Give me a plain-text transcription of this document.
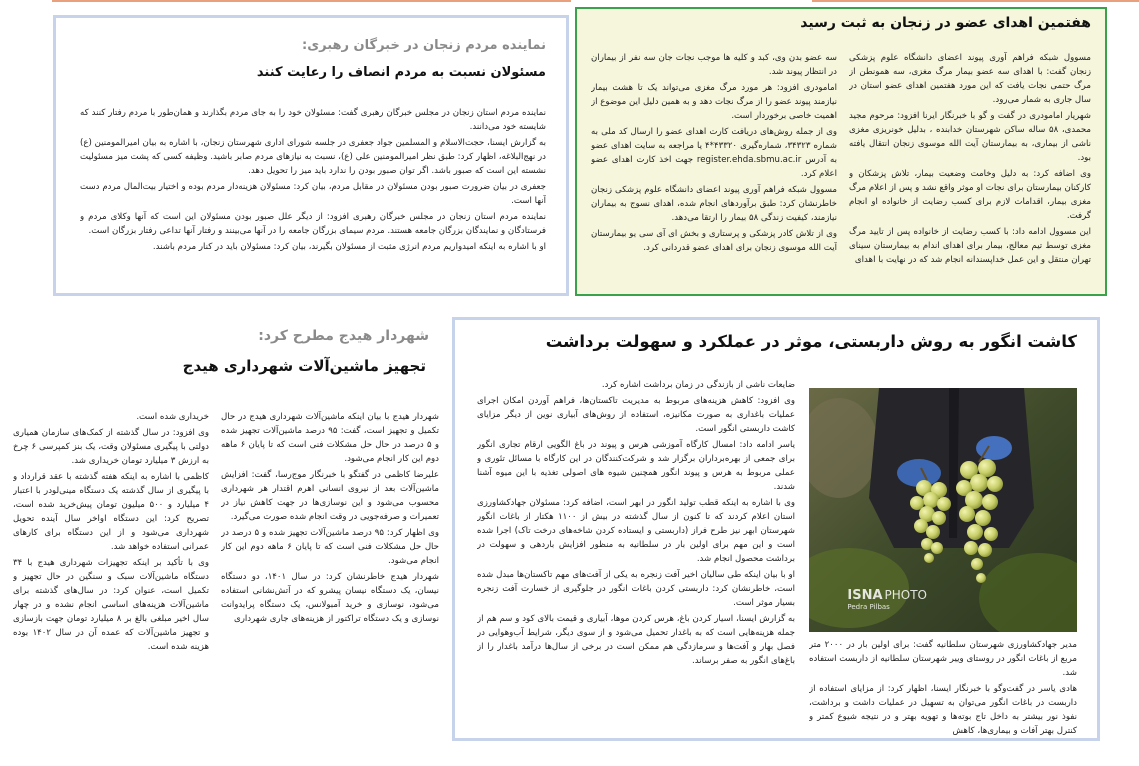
هفتمین اهدای عضو در زنجان به ثبت رسید

مسوول شبکه فراهم آوری پیوند اعضای دانشگاه علوم پزشکی زنجان گفت: با اهدای سه عضو بیمار مرگ مغزی، سه همونطن از مرگ حتمی نجات یافت که این مورد هفتمین اهدای عضو استان در سال جاری به شمار می‌رود.

شهریار امامودری در گفت و گو با خبرنگار ایرنا افزود: مرحوم مجید محمدی، ۵۸ ساله ساکن شهرستان خدابنده ، بدلیل خونریزی مغزی ناشی از بیماری، به بیمارستان آیت الله موسوی زنجان انتقال یافته بود.

وی اضافه کرد: به دلیل وخامت وضعیت بیمار، تلاش پزشکان و کارکنان بیمارستان برای نجات او موثر واقع نشد و پس از اعلام مرگ مغزی بیمار، اقدامات لازم برای کسب رضایت از خانواده او انجام گرفت.

این مسوول ادامه داد: با کسب رضایت از خانواده پس از تایید مرگ مغزی توسط تیم معالج، بیمار برای اهدای اندام به بیمارستان سینای تهران منتقل و این عمل خداپسندانه انجام شد که در نهایت با اهدای

سه عضو بدن وی، کبد و کلیه ها موجب نجات جان سه نفر از بیماران در انتظار پیوند شد.

امامودری افزود: هر مورد مرگ مغزی می‌تواند یک تا هشت بیمار نیازمند پیوند عضو را از مرگ نجات دهد و به همین دلیل این موضوع از اهمیت خاصی برخوردار است.

وی از جمله روش‌های دریافت کارت اهدای عضو را ارسال کد ملی به شماره ۳۴۳۲۳، شماره‌گیری ۴۳۳۲۰*۴ یا مراجعه به سایت اهدای عضو به آدرس register.ehda.sbmu.ac.ir جهت اخذ کارت اهدای عضو اعلام کرد.

مسوول شبکه فراهم آوری پیوند اعضای دانشگاه علوم پزشکی زنجان خاطرنشان کرد: طبق برآوردهای انجام شده، اهدای نسوج به بیماران نیازمند، کیفیت زندگی ۵۸ بیمار را ارتقا می‌دهد.

وی از تلاش کادر پزشکی و پرستاری و بخش ای آی سی یو بیمارستان آیت الله موسوی زنجان برای اهدای عضو قدردانی کرد.

نماینده مردم زنجان در خبرگان رهبری:
مسئولان نسبت به مردم انصاف را رعایت کنند

نماینده مردم استان زنجان در مجلس خبرگان رهبری گفت: مسئولان خود را به جای مردم بگذارند و همان‌طور با مردم رفتار کنند که شایسته خود می‌دانند.

به گزارش ایسنا، حجت‌الاسلام و المسلمین جواد جعفری در جلسه شورای اداری شهرستان زنجان، با اشاره به بیان امیرالمومنین (ع) در نهج‌البلاغه، اظهار کرد: طبق نظر امیرالمومنین علی (ع)، نسبت به نیازهای مردم صابر باشید. وظیفه کسی که پشت میز مسئولیت نشسته این است که صبور باشد. اگر توان صبور بودن را ندارد باید میز را تحویل دهد.

جعفری در بیان ضرورت صبور بودن مسئولان در مقابل مردم، بیان کرد: مسئولان هزینه‌دار مردم بوده و اختیار بیت‌المال مردم دست آنها است.

نماینده مردم استان زنجان در مجلس خبرگان رهبری افزود: از دیگر علل صبور بودن مسئولان این است که آنها وکلای مردم و فرستادگان و نمایندگان بزرگان جامعه هستند. مردم سیمای بزرگان جامعه را در آنها می‌بینند و رفتار آنها تداعی رفتار بزرگان است.

او با اشاره به اینکه امیدواریم مردم انرژی مثبت از مسئولان بگیرند، بیان کرد: مسئولان باید در کنار مردم باشند.

شهردار هیدج مطرح کرد:
تجهیز ماشین‌آلات شهرداری هیدج

شهردار هیدج با بیان اینکه ماشین‌آلات شهرداری هیدج در حال تکمیل و تجهیز است، گفت: ۹۵ درصد ماشین‌آلات تجهیز شده و ۵ درصد در حال حل مشکلات فنی است که تا پایان ۶ ماهه دوم این کار انجام می‌شود.

علیرضا کاظمی در گفتگو با خبرنگار موج‌رسا، گفت: افزایش ماشین‌آلات بعد از نیروی انسانی اهرم اقتدار هر شهرداری محسوب می‌شود و این نوسازی‌ها در جهت کاهش نیاز در تعمیرات و صرفه‌جویی در وقت انجام شده صورت می‌گیرد.

وی اظهار کرد: ۹۵ درصد ماشین‌آلات تجهیز شده و ۵ درصد در حال حل مشکلات فنی است که تا پایان ۶ ماهه دوم این کار انجام می‌شود.

شهردار هیدج خاطرنشان کرد: در سال ۱۴۰۱، دو دستگاه نیسان، یک دستگاه نیسان پیشرو که در آتش‌نشانی استفاده می‌شود، نوسازی و خرید آمبولانس، یک دستگاه پرایدوانت نوسازی و یک دستگاه تراکتور از هزینه‌های جاری شهرداری

خریداری شده است.

وی افزود: در سال گذشته از کمک‌های سازمان همیاری دولتی با پیگیری مسئولان وقت، یک بنز کمپرسی ۶ چرخ به ارزش ۳ میلیارد تومان خریداری شد.

کاظمی با اشاره به اینکه هفته گذشته با عقد قرارداد و با پیگیری از سال گذشته یک دستگاه مینی‌لودر با اعتبار ۴ میلیارد و ۵۰۰ میلیون تومان پیش‌خرید شده است، تصریح کرد: این دستگاه اواخر سال آینده تحویل شهرداری می‌شود و از این دستگاه برای کارهای عمرانی استفاده خواهد شد.

وی با تأکید بر اینکه تجهیزات شهرداری هیدج با ۳۴ دستگاه ماشین‌آلات سبک و سنگین در حال تجهیز و تکمیل است، عنوان کرد: در سال‌های گذشته برای ماشین‌آلات هزینه‌های اساسی انجام نشده و در چهار سال اخیر مبلغی بالغ بر ۸ میلیارد تومان جهت بازسازی و تجهیز ماشین‌آلات که عمده آن در سال ۱۴۰۲ بوده هزینه شده است.

کاشت انگور به روش داربستی، موثر در عملکرد و سهولت برداشت
ISNA PHOTO
Pedra Pilbas

مدیر جهادکشاورزی شهرستان سلطانیه گفت: برای اولین بار در ۲۰۰۰ متر مربع از باغات انگور در روستای وییر شهرستان سلطانیه از داربست استفاده شد.

هادی یاسر در گفت‌وگو با خبرنگار ایسنا، اظهار کرد: از مزایای استفاده از داربست در باغات انگور می‌توان به تسهیل در عملیات داشت و برداشت، نفوذ نور بیشتر به داخل تاج بوته‌ها و تهویه بهتر و در نتیجه شیوع کمتر و کنترل بهتر آفات و بیماری‌ها، کاهش

ضایعات ناشی از بازندگی در زمان برداشت اشاره کرد.

وی افزود: کاهش هزینه‌های مربوط به مدیریت تاکستان‌ها، فراهم آوردن امکان اجرای عملیات باغداری به صورت مکانیزه، استفاده از روش‌های آبیاری نوین از دیگر مزایای کاشت داربستی انگور است.

یاسر ادامه داد: امسال کارگاه آموزشی هرس و پیوند در باغ الگویی ارقام تجاری انگور برای جمعی از بهره‌برداران برگزار شد و شرکت‌کنندگان در این کارگاه با مسائل تئوری و عملی مربوط به هرس و پیوند انگور همچنین شیوه های اصولی تغذیه با این میوه آشنا شدند.

وی با اشاره به اینکه قطب تولید انگور در ابهر است، اضافه کرد: مسئولان جهادکشاورزی استان اعلام کردند که تا کنون از سال گذشته در بیش از ۱۱۰۰ هکتار از باغات انگور شهرستان ابهر نیز طرح فراز (داربستی و ایستاده کردن شاخه‌های درخت تاک) اجرا شده است و این مهم برای اولین بار در سلطانیه به منظور افزایش باردهی و سهولت در برداشت محصول انجام شد.

او با بیان اینکه طی سالیان اخیر آفت زنجره به یکی از آفت‌های مهم تاکستان‌ها مبدل شده است، خاطرنشان کرد: داربستی کردن باغات انگور در جلوگیری از خسارت آفت زنجره بسیار موثر است.

به گزارش ایسنا، اسیار کردن باغ، هرس کردن موها، آبیاری و قیمت بالای کود و سم هم از جمله هزینه‌هایی است که به باغدار تحمیل می‌شود و از سوی دیگر، شرایط آب‌وهوایی در فصل بهار و آفت‌ها و سرمازدگی هم ممکن است در برخی از سال‌ها درآمد باغدار را از باغ‌های انگور به صفر برساند.
